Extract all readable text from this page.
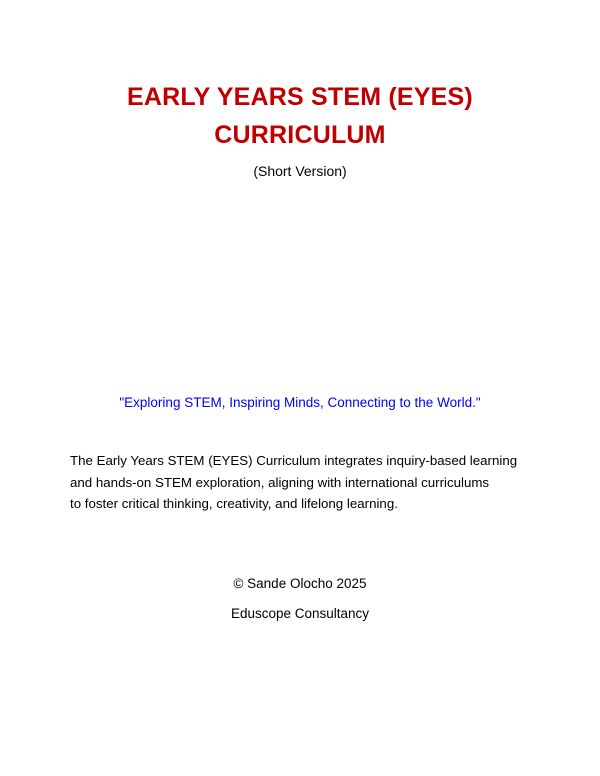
EARLY YEARS STEM (EYES)
CURRICULUM
(Short Version)
"Exploring STEM, Inspiring Minds, Connecting to the World."
The Early Years STEM (EYES) Curriculum integrates inquiry-based learning
and hands-on STEM exploration, aligning with international curriculums
to foster critical thinking, creativity, and lifelong learning.
© Sande Olocho 2025
Eduscope Consultancy
